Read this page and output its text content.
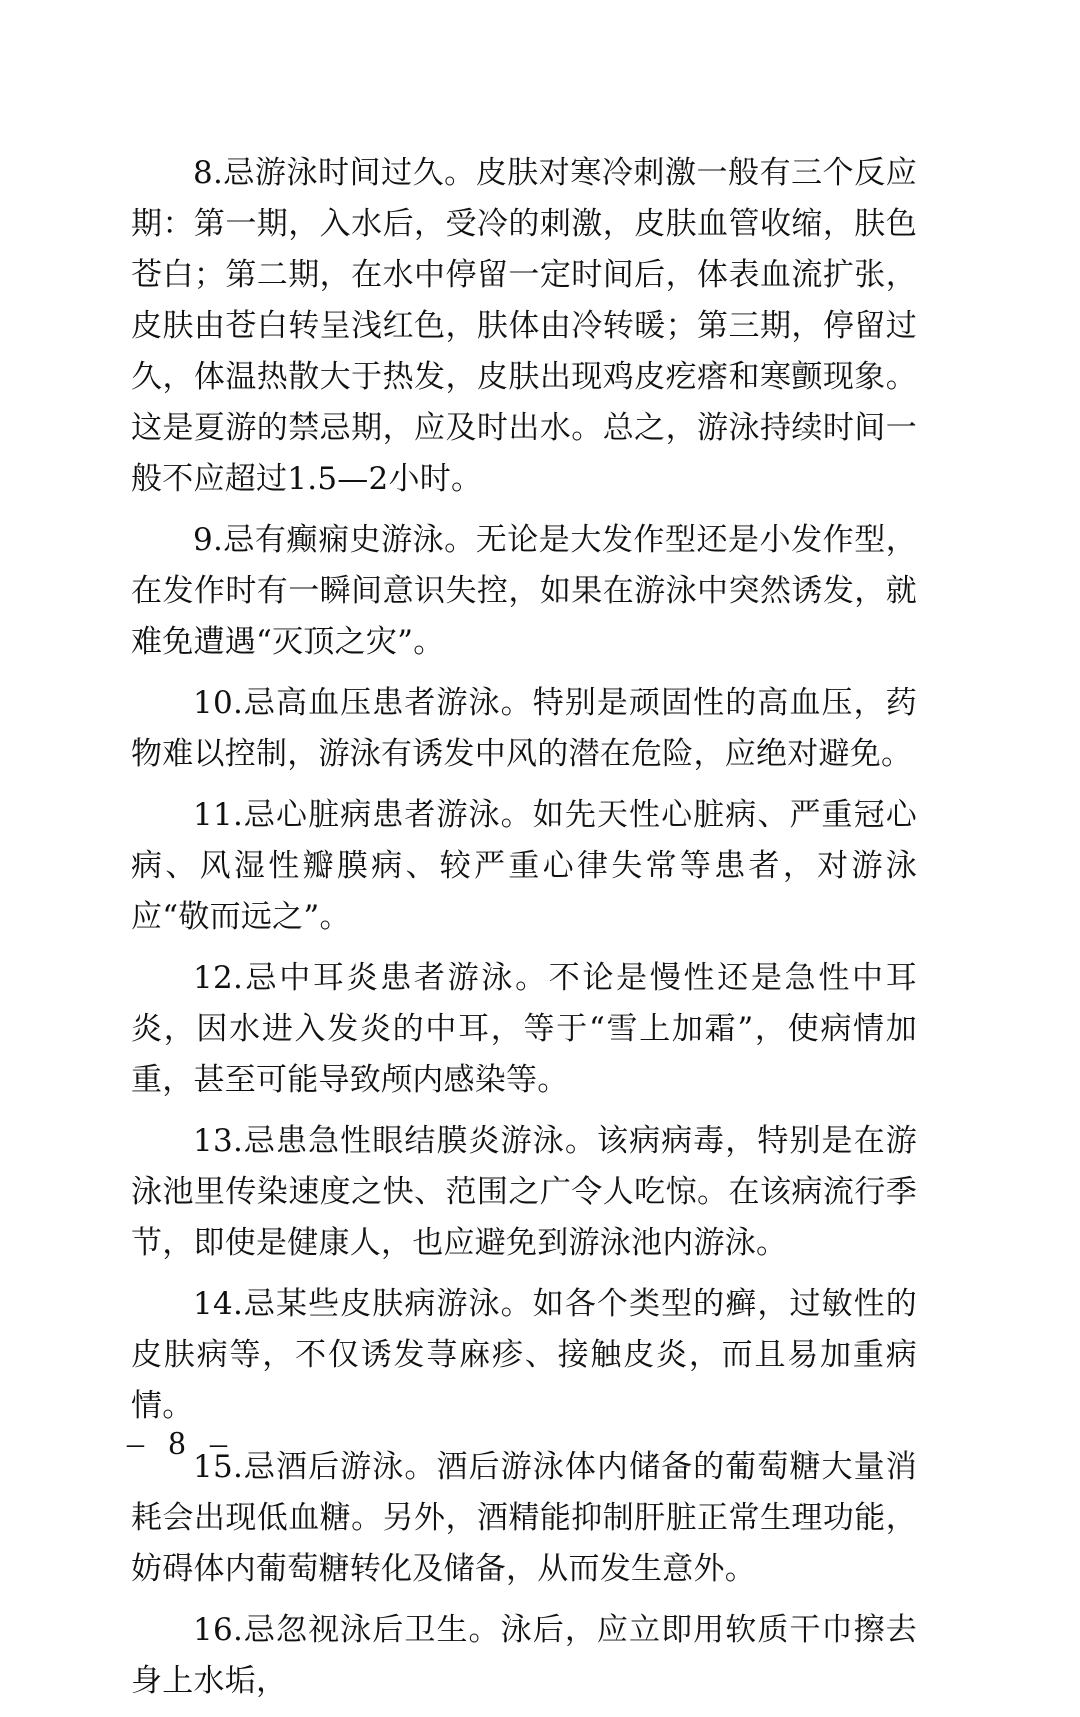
8.忌游泳时间过久。皮肤对寒冷刺激一般有三个反应期：第一期，入水后，受冷的刺激，皮肤血管收缩，肤色苍白；第二期，在水中停留一定时间后，体表血流扩张，皮肤由苍白转呈浅红色，肤体由冷转暖；第三期，停留过久，体温热散大于热发，皮肤出现鸡皮疙瘩和寒颤现象。这是夏游的禁忌期，应及时出水。总之，游泳持续时间一般不应超过1.5—2小时。

9.忌有癫痫史游泳。无论是大发作型还是小发作型，在发作时有一瞬间意识失控，如果在游泳中突然诱发，就难免遭遇“灭顶之灾”。

10.忌高血压患者游泳。特别是顽固性的高血压，药物难以控制，游泳有诱发中风的潜在危险，应绝对避免。

11.忌心脏病患者游泳。如先天性心脏病、严重冠心病、风湿性瓣膜病、较严重心律失常等患者，对游泳应“敬而远之”。

12.忌中耳炎患者游泳。不论是慢性还是急性中耳炎，因水进入发炎的中耳，等于“雪上加霜”，使病情加重，甚至可能导致颅内感染等。

13.忌患急性眼结膜炎游泳。该病病毒，特别是在游泳池里传染速度之快、范围之广令人吃惊。在该病流行季节，即使是健康人，也应避免到游泳池内游泳。

14.忌某些皮肤病游泳。如各个类型的癣，过敏性的皮肤病等，不仅诱发荨麻疹、接触皮炎，而且易加重病情。

15.忌酒后游泳。酒后游泳体内储备的葡萄糖大量消耗会出现低血糖。另外，酒精能抑制肝脏正常生理功能，妨碍体内葡萄糖转化及储备，从而发生意外。

16.忌忽视泳后卫生。泳后，应立即用软质干巾擦去身上水垢，

– 8 –
